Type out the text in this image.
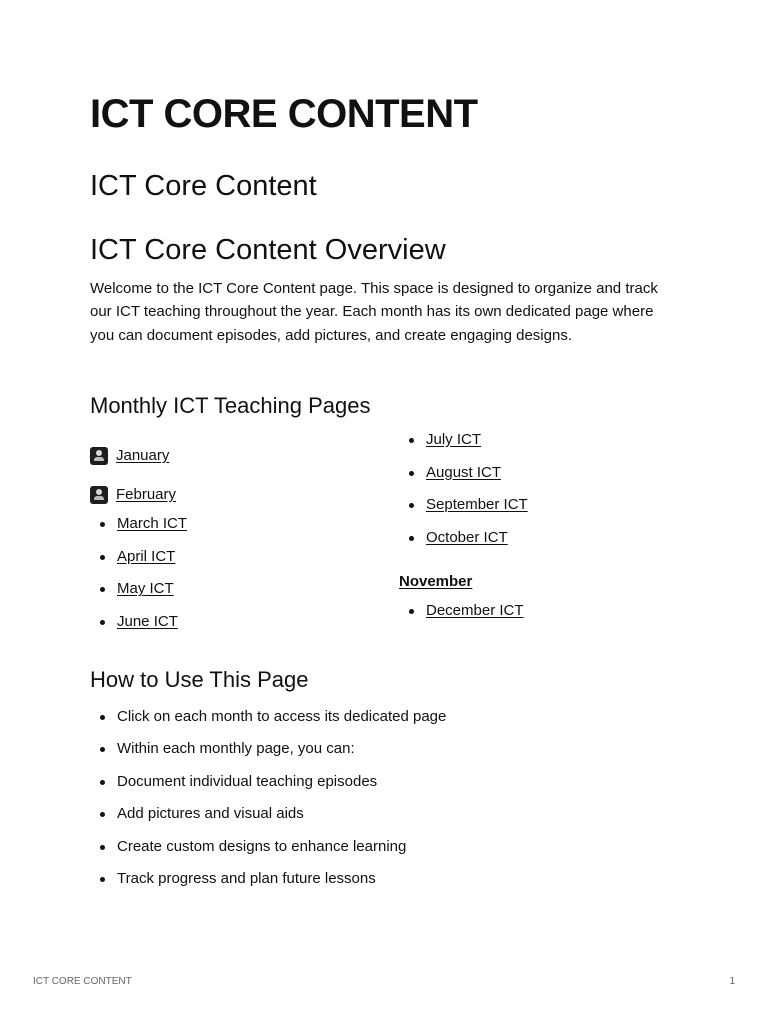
ICT CORE CONTENT
ICT Core Content
ICT Core Content Overview

Welcome to the ICT Core Content page. This space is designed to organize and track our ICT teaching throughout the year. Each month has its own dedicated page where you can document episodes, add pictures, and create engaging designs.

Monthly ICT Teaching Pages
January
February
March ICT
April ICT
May ICT
June ICT
July ICT
August ICT
September ICT
October ICT
November
December ICT
How to Use This Page
Click on each month to access its dedicated page
Within each monthly page, you can:
Document individual teaching episodes
Add pictures and visual aids
Create custom designs to enhance learning
Track progress and plan future lessons
ICT CORE CONTENT	1
